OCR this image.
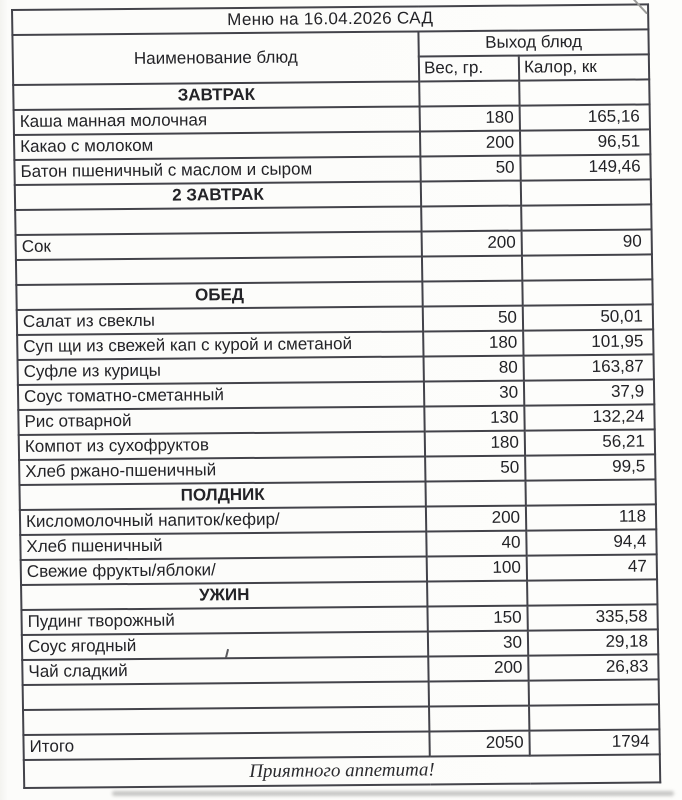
Меню на 16.04.2026 САД		
Наименование блюд	Выход блюд	
	Вес, гр.	Калор, кк
ЗАВТРАК		
Каша манная молочная	180	165,16
Какао с молоком	200	96,51
Батон пшеничный с маслом и сыром	50	149,46
2 ЗАВТРАК		

Сок	200	90

ОБЕД		
Салат из свеклы	50	50,01
Суп щи из свежей кап с курой и сметаной	180	101,95
Суфле из курицы	80	163,87
Соус томатно-сметанный	30	37,9
Рис отварной	130	132,24
Компот из сухофруктов	180	56,21
Хлеб ржано-пшеничный	50	99,5
ПОЛДНИК		
Кисломолочный напиток/кефир/	200	118
Хлеб пшеничный	40	94,4
Свежие фрукты/яблоки/	100	47
УЖИН		
Пудинг творожный	150	335,58
Соус ягодный	30	29,18
Чай сладкий	200	26,83

Итого	2050	1794
Приятного аппетита!		
